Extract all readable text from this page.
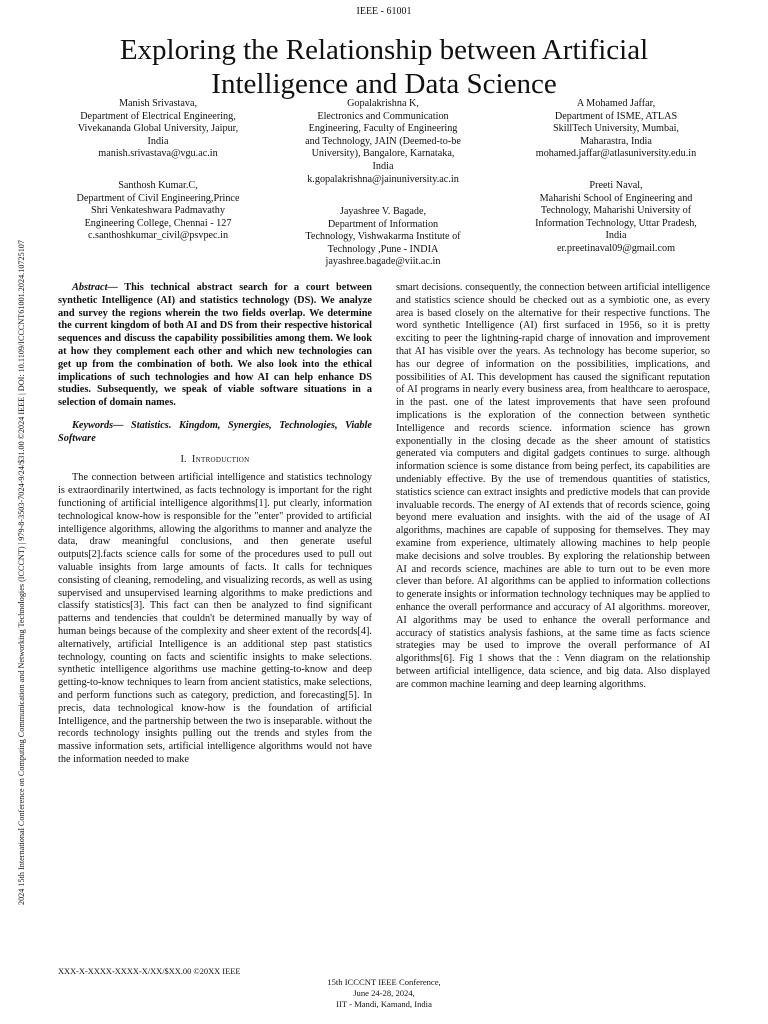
IEEE - 61001
Exploring the Relationship between Artificial
Intelligence and Data Science
Manish Srivastava,
Department of Electrical Engineering,
Vivekananda Global University, Jaipur,
India
manish.srivastava@vgu.ac.in
Gopalakrishna K,
Electronics and Communication
Engineering, Faculty of Engineering
and Technology, JAIN (Deemed-to-be
University), Bangalore, Karnataka,
India
k.gopalakrishna@jainuniversity.ac.in
A Mohamed Jaffar,
Department of ISME, ATLAS
SkillTech University, Mumbai,
Maharastra, India
mohamed.jaffar@atlasuniversity.edu.in
Santhosh Kumar.C,
Department of Civil Engineering,Prince
Shri Venkateshwara Padmavathy
Engineering College, Chennai - 127
c.santhoshkumar_civil@psvpec.in
Jayashree V. Bagade,
Department of Information
Technology, Vishwakarma Institute of
Technology ,Pune - INDIA
jayashree.bagade@viit.ac.in
Preeti Naval,
Maharishi School of Engineering and
Technology, Maharishi University of
Information Technology, Uttar Pradesh,
India
er.preetinaval09@gmail.com
2024 15th International Conference on Computing Communication and Networking Technologies (ICCCNT) | 979-8-3503-7024-9/24/$31.00 ©2024 IEEE | DOI: 10.1109/ICCCNT61001.2024.10725107	Abstract— This technical abstract search for a court between synthetic Intelligence (AI) and statistics technology (DS). We analyze and survey the regions wherein the two fields overlap. We determine the current kingdom of both AI and DS from their respective historical sequences and discuss the capability possibilities among them. We look at how they complement each other and which new technologies can get up from the combination of both. We also look into the ethical implications of such technologies and how AI can help enhance DS studies. Subsequently, we speak of viable software situations in a selection of domain names.

Keywords— Statistics. Kingdom, Synergies, Technologies, Viable Software

I. Introduction

The connection between artificial intelligence and statistics technology is extraordinarily intertwined, as facts technology is important for the right functioning of artificial intelligence algorithms[1]. put clearly, information technological know-how is responsible for the "enter" provided to artificial intelligence algorithms, allowing the algorithms to manner and analyze the data, draw meaningful conclusions, and then generate useful outputs[2].facts science calls for some of the procedures used to pull out valuable insights from large amounts of facts. It calls for techniques consisting of cleaning, remodeling, and visualizing records, as well as using supervised and unsupervised learning algorithms to make predictions and classify statistics[3]. This fact can then be analyzed to find significant patterns and tendencies that couldn't be determined manually by way of human beings because of the complexity and sheer extent of the records[4]. alternatively, artificial Intelligence is an additional step past statistics technology, counting on facts and scientific insights to make selections. synthetic intelligence algorithms use machine getting-to-know and deep getting-to-know techniques to learn from ancient statistics, make selections, and perform functions such as category, prediction, and forecasting[5]. In precis, data technological know-how is the foundation of artificial Intelligence, and the partnership between the two is inseparable. without the records technology insights pulling out the trends and styles from the massive information sets, artificial intelligence algorithms would not have the information needed to make

smart decisions. consequently, the connection between artificial intelligence and statistics science should be checked out as a symbiotic one, as every area is based closely on the alternative for their respective functions. The word synthetic Intelligence (AI) first surfaced in 1956, so it is pretty exciting to peer the lightning-rapid charge of innovation and improvement that AI has visible over the years. As technology has become superior, so has our degree of information on the possibilities, implications, and possibilities of AI. This development has caused the significant reputation of AI programs in nearly every business area, from healthcare to aerospace, in the past. one of the latest improvements that have seen profound implications is the exploration of the connection between synthetic Intelligence and records science. information science has grown exponentially in the closing decade as the sheer amount of statistics generated via computers and digital gadgets continues to surge. although information science is some distance from being perfect, its capabilities are undeniably effective. By the use of tremendous quantities of statistics, statistics science can extract insights and predictive models that can provide invaluable records. The energy of AI extends that of records science, going beyond mere evaluation and insights. with the aid of the usage of AI algorithms, machines are capable of supposing for themselves. They may examine from experience, ultimately allowing machines to help people make decisions and solve troubles. By exploring the relationship between AI and records science, machines are able to turn out to be even more clever than before. AI algorithms can be applied to information collections to generate insights or information technology techniques may be applied to enhance the overall performance and accuracy of AI algorithms. moreover, AI algorithms may be used to enhance the overall performance and accuracy of statistics analysis fashions, at the same time as facts science strategies may be used to improve the overall performance of AI algorithms[6]. Fig 1 shows that the : Venn diagram on the relationship between artificial intelligence, data science, and big data. Also displayed are common machine learning and deep learning algorithms.

XXX-X-XXXX-XXXX-X/XX/$XX.00 ©20XX IEEE
15th ICCCNT IEEE Conference,
June 24-28, 2024,
IIT - Mandi, Kamand, India
